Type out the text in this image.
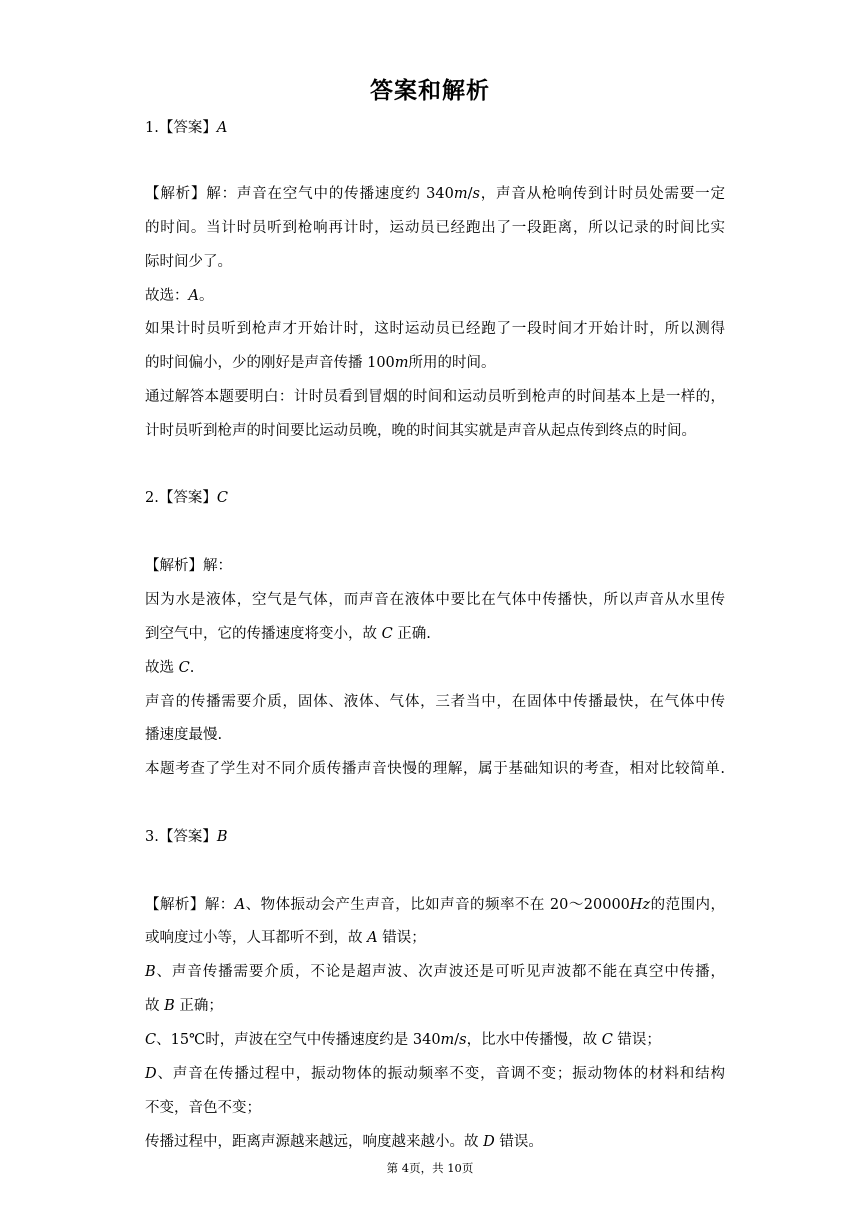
答案和解析
1.【答案】𝐴
【解析】解：声音在空气中的传播速度约 340𝑚/𝑠，声音从枪响传到计时员处需要一定
的时间。当计时员听到枪响再计时，运动员已经跑出了一段距离，所以记录的时间比实
际时间少了。
故选：𝐴。
如果计时员听到枪声才开始计时，这时运动员已经跑了一段时间才开始计时，所以测得
的时间偏小，少的刚好是声音传播 100𝑚所用的时间。
通过解答本题要明白：计时员看到冒烟的时间和运动员听到枪声的时间基本上是一样的，
计时员听到枪声的时间要比运动员晚，晚的时间其实就是声音从起点传到终点的时间。
2.【答案】𝐶
【解析】解：
因为水是液体，空气是气体，而声音在液体中要比在气体中传播快，所以声音从水里传
到空气中，它的传播速度将变小，故 𝐶 正确.
故选 𝐶.
声音的传播需要介质，固体、液体、气体，三者当中，在固体中传播最快，在气体中传
播速度最慢.
本题考查了学生对不同介质传播声音快慢的理解，属于基础知识的考查，相对比较简单.
3.【答案】𝐵
【解析】解：𝐴、物体振动会产生声音，比如声音的频率不在 20～20000𝐻𝑧的范围内，
或响度过小等，人耳都听不到，故 𝐴 错误；
𝐵、声音传播需要介质，不论是超声波、次声波还是可听见声波都不能在真空中传播，
故 𝐵 正确；
𝐶、15℃时，声波在空气中传播速度约是 340𝑚/𝑠，比水中传播慢，故 𝐶 错误；
𝐷、声音在传播过程中，振动物体的振动频率不变，音调不变；振动物体的材料和结构
不变，音色不变；
传播过程中，距离声源越来越远，响度越来越小。故 𝐷 错误。
第 4页，共 10页
